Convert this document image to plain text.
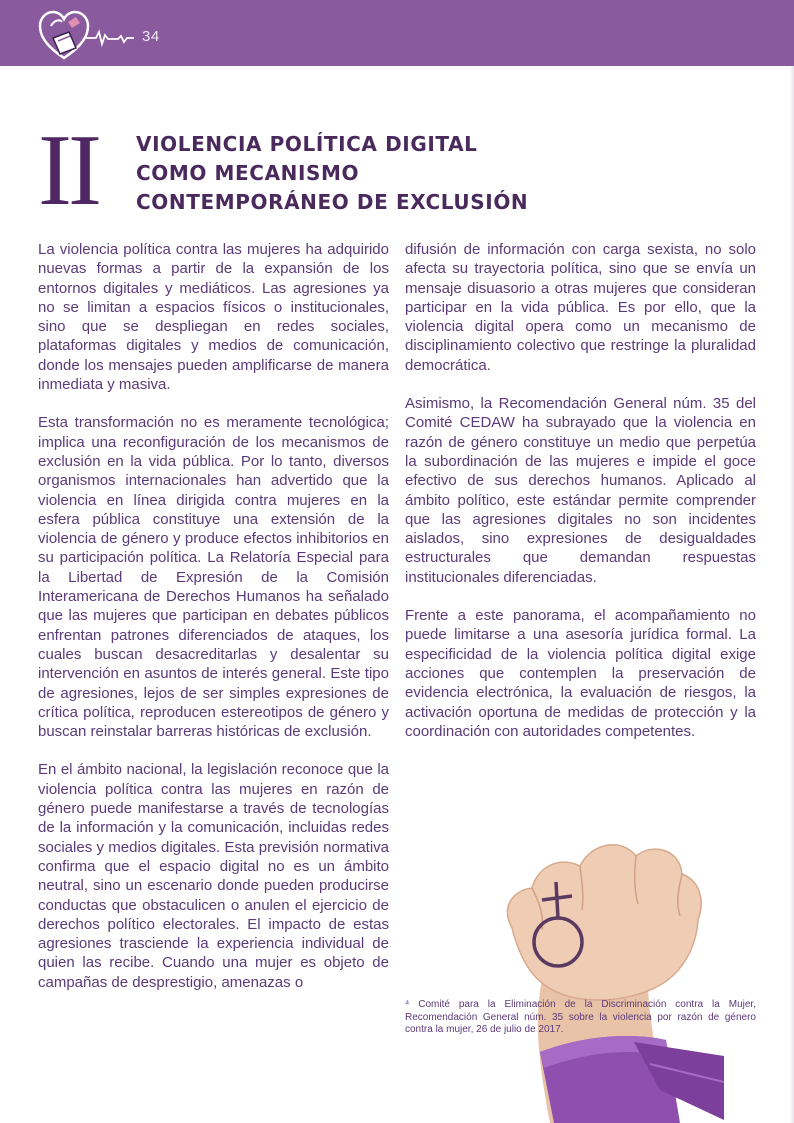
34
II VIOLENCIA POLÍTICA DIGITAL COMO MECANISMO CONTEMPORÁNEO DE EXCLUSIÓN

La violencia política contra las mujeres ha adquirido nuevas formas a partir de la expansión de los entornos digitales y mediáticos. Las agresiones ya no se limitan a espacios físicos o institucionales, sino que se despliegan en redes sociales, plataformas digitales y medios de comunicación, donde los mensajes pueden amplificarse de manera inmediata y masiva.

Esta transformación no es meramente tecnológica; implica una reconfiguración de los mecanismos de exclusión en la vida pública. Por lo tanto, diversos organismos internacionales han advertido que la violencia en línea dirigida contra mujeres en la esfera pública constituye una extensión de la violencia de género y produce efectos inhibitorios en su participación política. La Relatoría Especial para la Libertad de Expresión de la Comisión Interamericana de Derechos Humanos ha señalado que las mujeres que participan en debates públicos enfrentan patrones diferenciados de ataques, los cuales buscan desacreditarlas y desalentar su intervención en asuntos de interés general. Este tipo de agresiones, lejos de ser simples expresiones de crítica política, reproducen estereotipos de género y buscan reinstalar barreras históricas de exclusión.

En el ámbito nacional, la legislación reconoce que la violencia política contra las mujeres en razón de género puede manifestarse a través de tecnologías de la información y la comunicación, incluidas redes sociales y medios digitales. Esta previsión normativa confirma que el espacio digital no es un ámbito neutral, sino un escenario donde pueden producirse conductas que obstaculicen o anulen el ejercicio de derechos político electorales. El impacto de estas agresiones trasciende la experiencia individual de quien las recibe. Cuando una mujer es objeto de campañas de desprestigio, amenazas o

difusión de información con carga sexista, no solo afecta su trayectoria política, sino que se envía un mensaje disuasorio a otras mujeres que consideran participar en la vida pública. Es por ello, que la violencia digital opera como un mecanismo de disciplinamiento colectivo que restringe la pluralidad democrática.

Asimismo, la Recomendación General núm. 35 del Comité CEDAW ha subrayado que la violencia en razón de género constituye un medio que perpetúa la subordinación de las mujeres e impide el goce efectivo de sus derechos humanos. Aplicado al ámbito político, este estándar permite comprender que las agresiones digitales no son incidentes aislados, sino expresiones de desigualdades estructurales que demandan respuestas institucionales diferenciadas.

Frente a este panorama, el acompañamiento no puede limitarse a una asesoría jurídica formal. La especificidad de la violencia política digital exige acciones que contemplen la preservación de evidencia electrónica, la evaluación de riesgos, la activación oportuna de medidas de protección y la coordinación con autoridades competentes.

⁴ Comité para la Eliminación de la Discriminación contra la Mujer, Recomendación General núm. 35 sobre la violencia por razón de género contra la mujer, 26 de julio de 2017.
